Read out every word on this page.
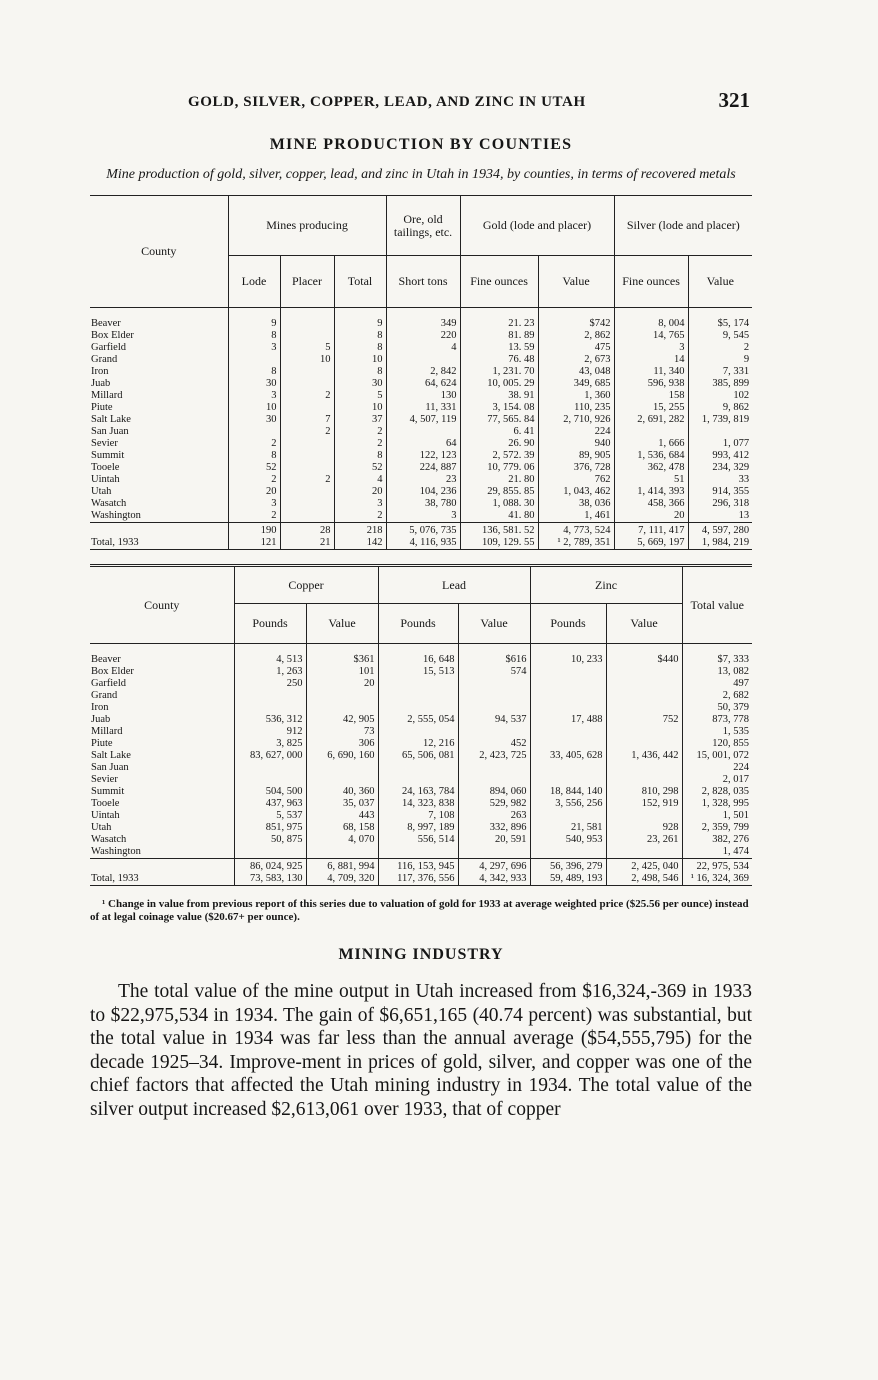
GOLD, SILVER, COPPER, LEAD, AND ZINC IN UTAH	321
MINE PRODUCTION BY COUNTIES
Mine production of gold, silver, copper, lead, and zinc in Utah in 1934, by counties, in terms of recovered metals
County	Mines producing			Ore, old tailings, etc.	Gold (lode and placer)		Silver (lode and placer)	
	Lode	Placer	Total	Short tons	Fine ounces	Value	Fine ounces	Value

Beaver	9		9	349	21. 23	$742	8, 004	$5, 174
Box Elder	8		8	220	81. 89	2, 862	14, 765	9, 545
Garfield	3	5	8	4	13. 59	475	3	2
Grand		10	10		76. 48	2, 673	14	9
Iron	8		8	2, 842	1, 231. 70	43, 048	11, 340	7, 331
Juab	30		30	64, 624	10, 005. 29	349, 685	596, 938	385, 899
Millard	3	2	5	130	38. 91	1, 360	158	102
Piute	10		10	11, 331	3, 154. 08	110, 235	15, 255	9, 862
Salt Lake	30	7	37	4, 507, 119	77, 565. 84	2, 710, 926	2, 691, 282	1, 739, 819
San Juan		2	2		6. 41	224		
Sevier	2		2	64	26. 90	940	1, 666	1, 077
Summit	8		8	122, 123	2, 572. 39	89, 905	1, 536, 684	993, 412
Tooele	52		52	224, 887	10, 779. 06	376, 728	362, 478	234, 329
Uintah	2	2	4	23	21. 80	762	51	33
Utah	20		20	104, 236	29, 855. 85	1, 043, 462	1, 414, 393	914, 355
Wasatch	3		3	38, 780	1, 088. 30	38, 036	458, 366	296, 318
Washington	2		2	3	41. 80	1, 461	20	13
	190	28	218	5, 076, 735	136, 581. 52	4, 773, 524	7, 111, 417	4, 597, 280
Total, 1933	121	21	142	4, 116, 935	109, 129. 55	¹ 2, 789, 351	5, 669, 197	1, 984, 219
County	Copper		Lead		Zinc		Total value
	Pounds	Value	Pounds	Value	Pounds	Value	

Beaver	4, 513	$361	16, 648	$616	10, 233	$440	$7, 333
Box Elder	1, 263	101	15, 513	574			13, 082
Garfield	250	20					497
Grand							2, 682
Iron							50, 379
Juab	536, 312	42, 905	2, 555, 054	94, 537	17, 488	752	873, 778
Millard	912	73					1, 535
Piute	3, 825	306	12, 216	452			120, 855
Salt Lake	83, 627, 000	6, 690, 160	65, 506, 081	2, 423, 725	33, 405, 628	1, 436, 442	15, 001, 072
San Juan							224
Sevier							2, 017
Summit	504, 500	40, 360	24, 163, 784	894, 060	18, 844, 140	810, 298	2, 828, 035
Tooele	437, 963	35, 037	14, 323, 838	529, 982	3, 556, 256	152, 919	1, 328, 995
Uintah	5, 537	443	7, 108	263			1, 501
Utah	851, 975	68, 158	8, 997, 189	332, 896	21, 581	928	2, 359, 799
Wasatch	50, 875	4, 070	556, 514	20, 591	540, 953	23, 261	382, 276
Washington							1, 474
	86, 024, 925	6, 881, 994	116, 153, 945	4, 297, 696	56, 396, 279	2, 425, 040	22, 975, 534
Total, 1933	73, 583, 130	4, 709, 320	117, 376, 556	4, 342, 933	59, 489, 193	2, 498, 546	¹ 16, 324, 369
¹ Change in value from previous report of this series due to valuation of gold for 1933 at average weighted price ($25.56 per ounce) instead of at legal coinage value ($20.67+ per ounce).
MINING INDUSTRY
The total value of the mine output in Utah increased from $16,324,-369 in 1933 to $22,975,534 in 1934. The gain of $6,651,165 (40.74 percent) was substantial, but the total value in 1934 was far less than the annual average ($54,555,795) for the decade 1925–34. Improve-ment in prices of gold, silver, and copper was one of the chief factors that affected the Utah mining industry in 1934. The total value of the silver output increased $2,613,061 over 1933, that of copper
